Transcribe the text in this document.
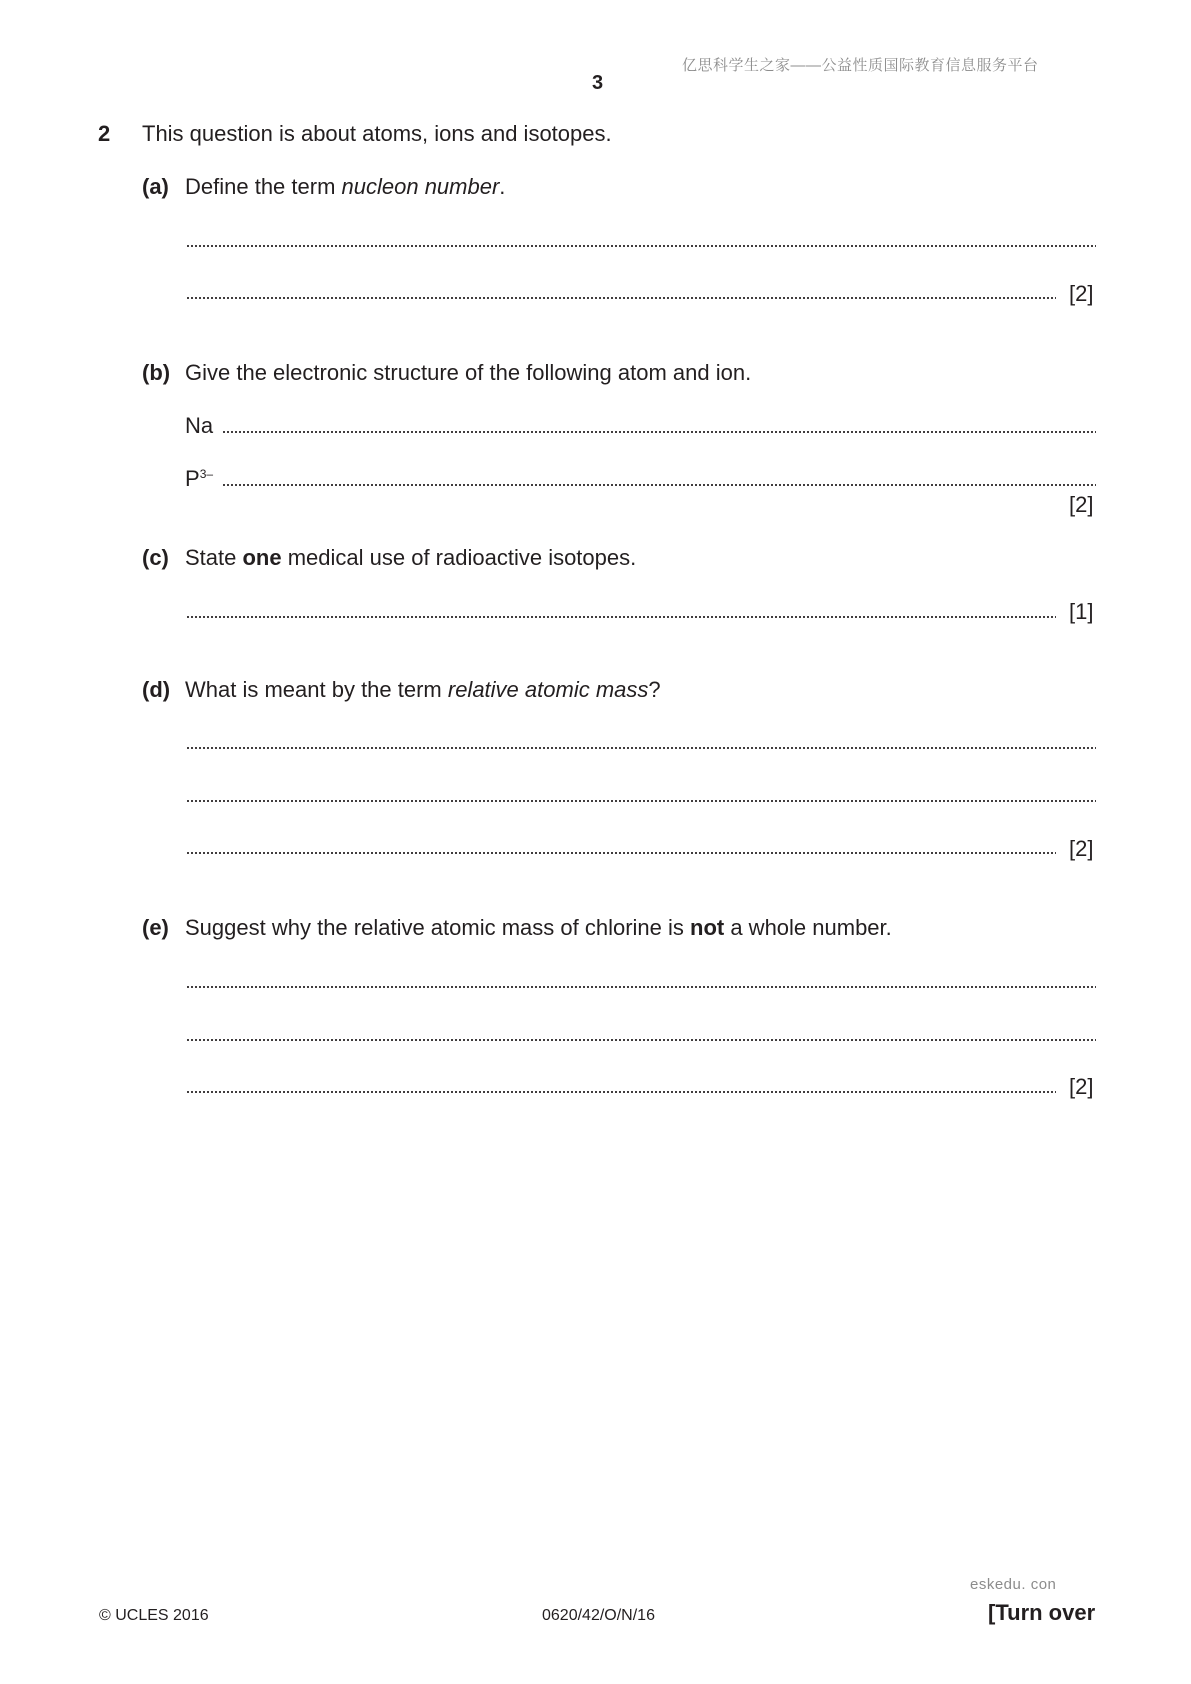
亿思科学生之家——公益性质国际教育信息服务平台
3
2 This question is about atoms, ions and isotopes.
(a) Define the term nucleon number.
[2]
(b) Give the electronic structure of the following atom and ion.
Na
$P^{3-}$
[2]
(c) State one medical use of radioactive isotopes.
[1]
(d) What is meant by the term relative atomic mass?
[2]
(e) Suggest why the relative atomic mass of chlorine is not a whole number.
[2]
eskedu. con
© UCLES 2016	0620/42/O/N/16	[Turn over
